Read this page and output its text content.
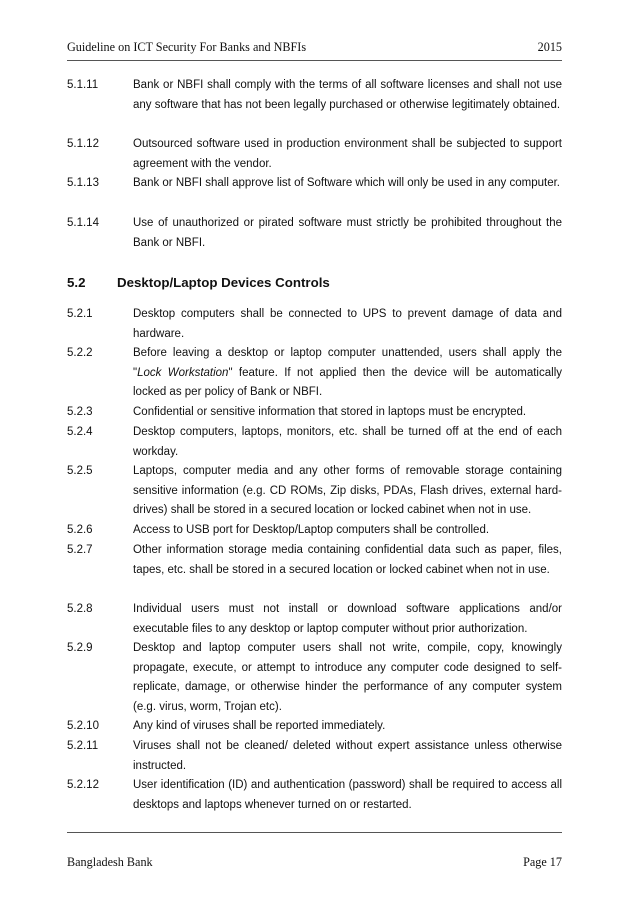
Guideline on ICT Security For Banks and NBFIs	2015
5.1.11	Bank or NBFI shall comply with the terms of all software licenses and shall not use any software that has not been legally purchased or otherwise legitimately obtained.
5.1.12	Outsourced software used in production environment shall be subjected to support agreement with the vendor.
5.1.13	Bank or NBFI shall approve list of Software which will only be used in any computer.
5.1.14	Use of unauthorized or pirated software must strictly be prohibited throughout the Bank or NBFI.
5.2 Desktop/Laptop Devices Controls
5.2.1	Desktop computers shall be connected to UPS to prevent damage of data and hardware.
5.2.2	Before leaving a desktop or laptop computer unattended, users shall apply the "Lock Workstation" feature. If not applied then the device will be automatically locked as per policy of Bank or NBFI.
5.2.3	Confidential or sensitive information that stored in laptops must be encrypted.
5.2.4	Desktop computers, laptops, monitors, etc. shall be turned off at the end of each workday.
5.2.5	Laptops, computer media and any other forms of removable storage containing sensitive information (e.g. CD ROMs, Zip disks, PDAs, Flash drives, external hard-drives) shall be stored in a secured location or locked cabinet when not in use.
5.2.6	Access to USB port for Desktop/Laptop computers shall be controlled.
5.2.7	Other information storage media containing confidential data such as paper, files, tapes, etc. shall be stored in a secured location or locked cabinet when not in use.
5.2.8	Individual users must not install or download software applications and/or executable files to any desktop or laptop computer without prior authorization.
5.2.9	Desktop and laptop computer users shall not write, compile, copy, knowingly propagate, execute, or attempt to introduce any computer code designed to self-replicate, damage, or otherwise hinder the performance of any computer system (e.g. virus, worm, Trojan etc).
5.2.10	Any kind of viruses shall be reported immediately.
5.2.11	Viruses shall not be cleaned/ deleted without expert assistance unless otherwise instructed.
5.2.12	User identification (ID) and authentication (password) shall be required to access all desktops and laptops whenever turned on or restarted.
Bangladesh Bank	Page 17
